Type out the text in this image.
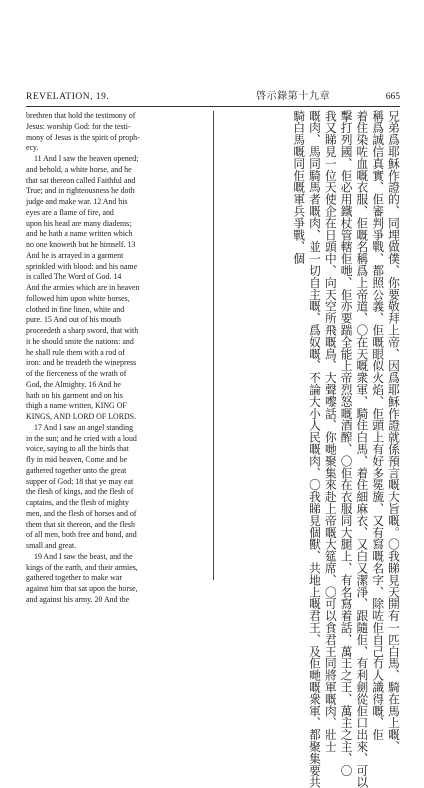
REVELATION, 19.	啓示錄第十九章	665
brethren that hold the testimony of
Jesus: worship God: for the testi-
mony of Jesus is the spirit of proph-
ecy.
11 And I saw the heaven opened;
and behold, a white horse, and he
that sat thereon called Faithful and
True; and in righteousness he doth
judge and make war. 12 And his
eyes are a flame of fire, and
upon his head are many diadems;
and he hath a name written which
no one knoweth but he himself. 13
And he is arrayed in a garment
sprinkled with blood: and his name
is called The Word of God. 14
And the armies which are in heaven
followed him upon white horses,
clothed in fine linen, white and
pure. 15 And out of his mouth
proceedeth a sharp sword, that with
it he should smite the nations: and
he shall rule them with a rod of
iron: and he treadeth the winepress
of the fierceness of the wrath of
God, the Almighty. 16 And he
hath on his garment and on his
thigh a name written, KING OF
KINGS, AND LORD OF LORDS.
17 And I saw an angel standing
in the sun; and he cried with a loud
voice, saying to all the birds that
fly in mid heaven, Come and be
gathered together unto the great
supper of God; 18 that ye may eat
the flesh of kings, and the flesh of
captains, and the flesh of mighty
men, and the flesh of horses and of
them that sit thereon, and the flesh
of all men, both free and bond, and
small and great.
19 And I saw the beast, and the
kings of the earth, and their armies,
gathered together to make war
against him that sat upon the horse,
and against his army. 20 And the	兄弟爲耶穌作證的、同埋做僕、你要敬拜上帝、因爲耶穌作證就係預言嘅大旨嘅。〇我睇見天開有一匹白馬、騎在馬上嘅、
稱爲誠信真實、佢審判爭戰、都照公義、佢嘅眼似火焰、佢頭上有好多冕旒、又有寫嘅名字、除咗佢自己冇人識得嘅、佢
着住染咗血嘅衣服、佢嘅名稱爲上帝道、〇在天嘅衆軍、騎住白馬、着住細麻衣、又白又潔淨、跟隨佢、有利劍從佢口出來、可以
擊打列國、佢必用鐵杖管轄佢哋、佢亦要踹全能上帝烈怒嘅酒醡、〇佢在衣服同大腿上、有名寫着話、萬王之王、萬主之主、〇
我又睇見一位天使企在日頭中、向天空所飛嘅鳥、大聲嚟話、你哋聚集來赴上帝嘅大筵席、〇可以食君王同將軍嘅肉、壯士
嘅肉、馬同騎馬者嘅肉、並一切自主嘅、爲奴嘅、不論大小人民嘅肉、〇我睇見個獸、共地上嘅君王、及佢哋嘅衆軍、都聚集要共
騎白馬嘅同佢嘅軍兵爭戰、個
